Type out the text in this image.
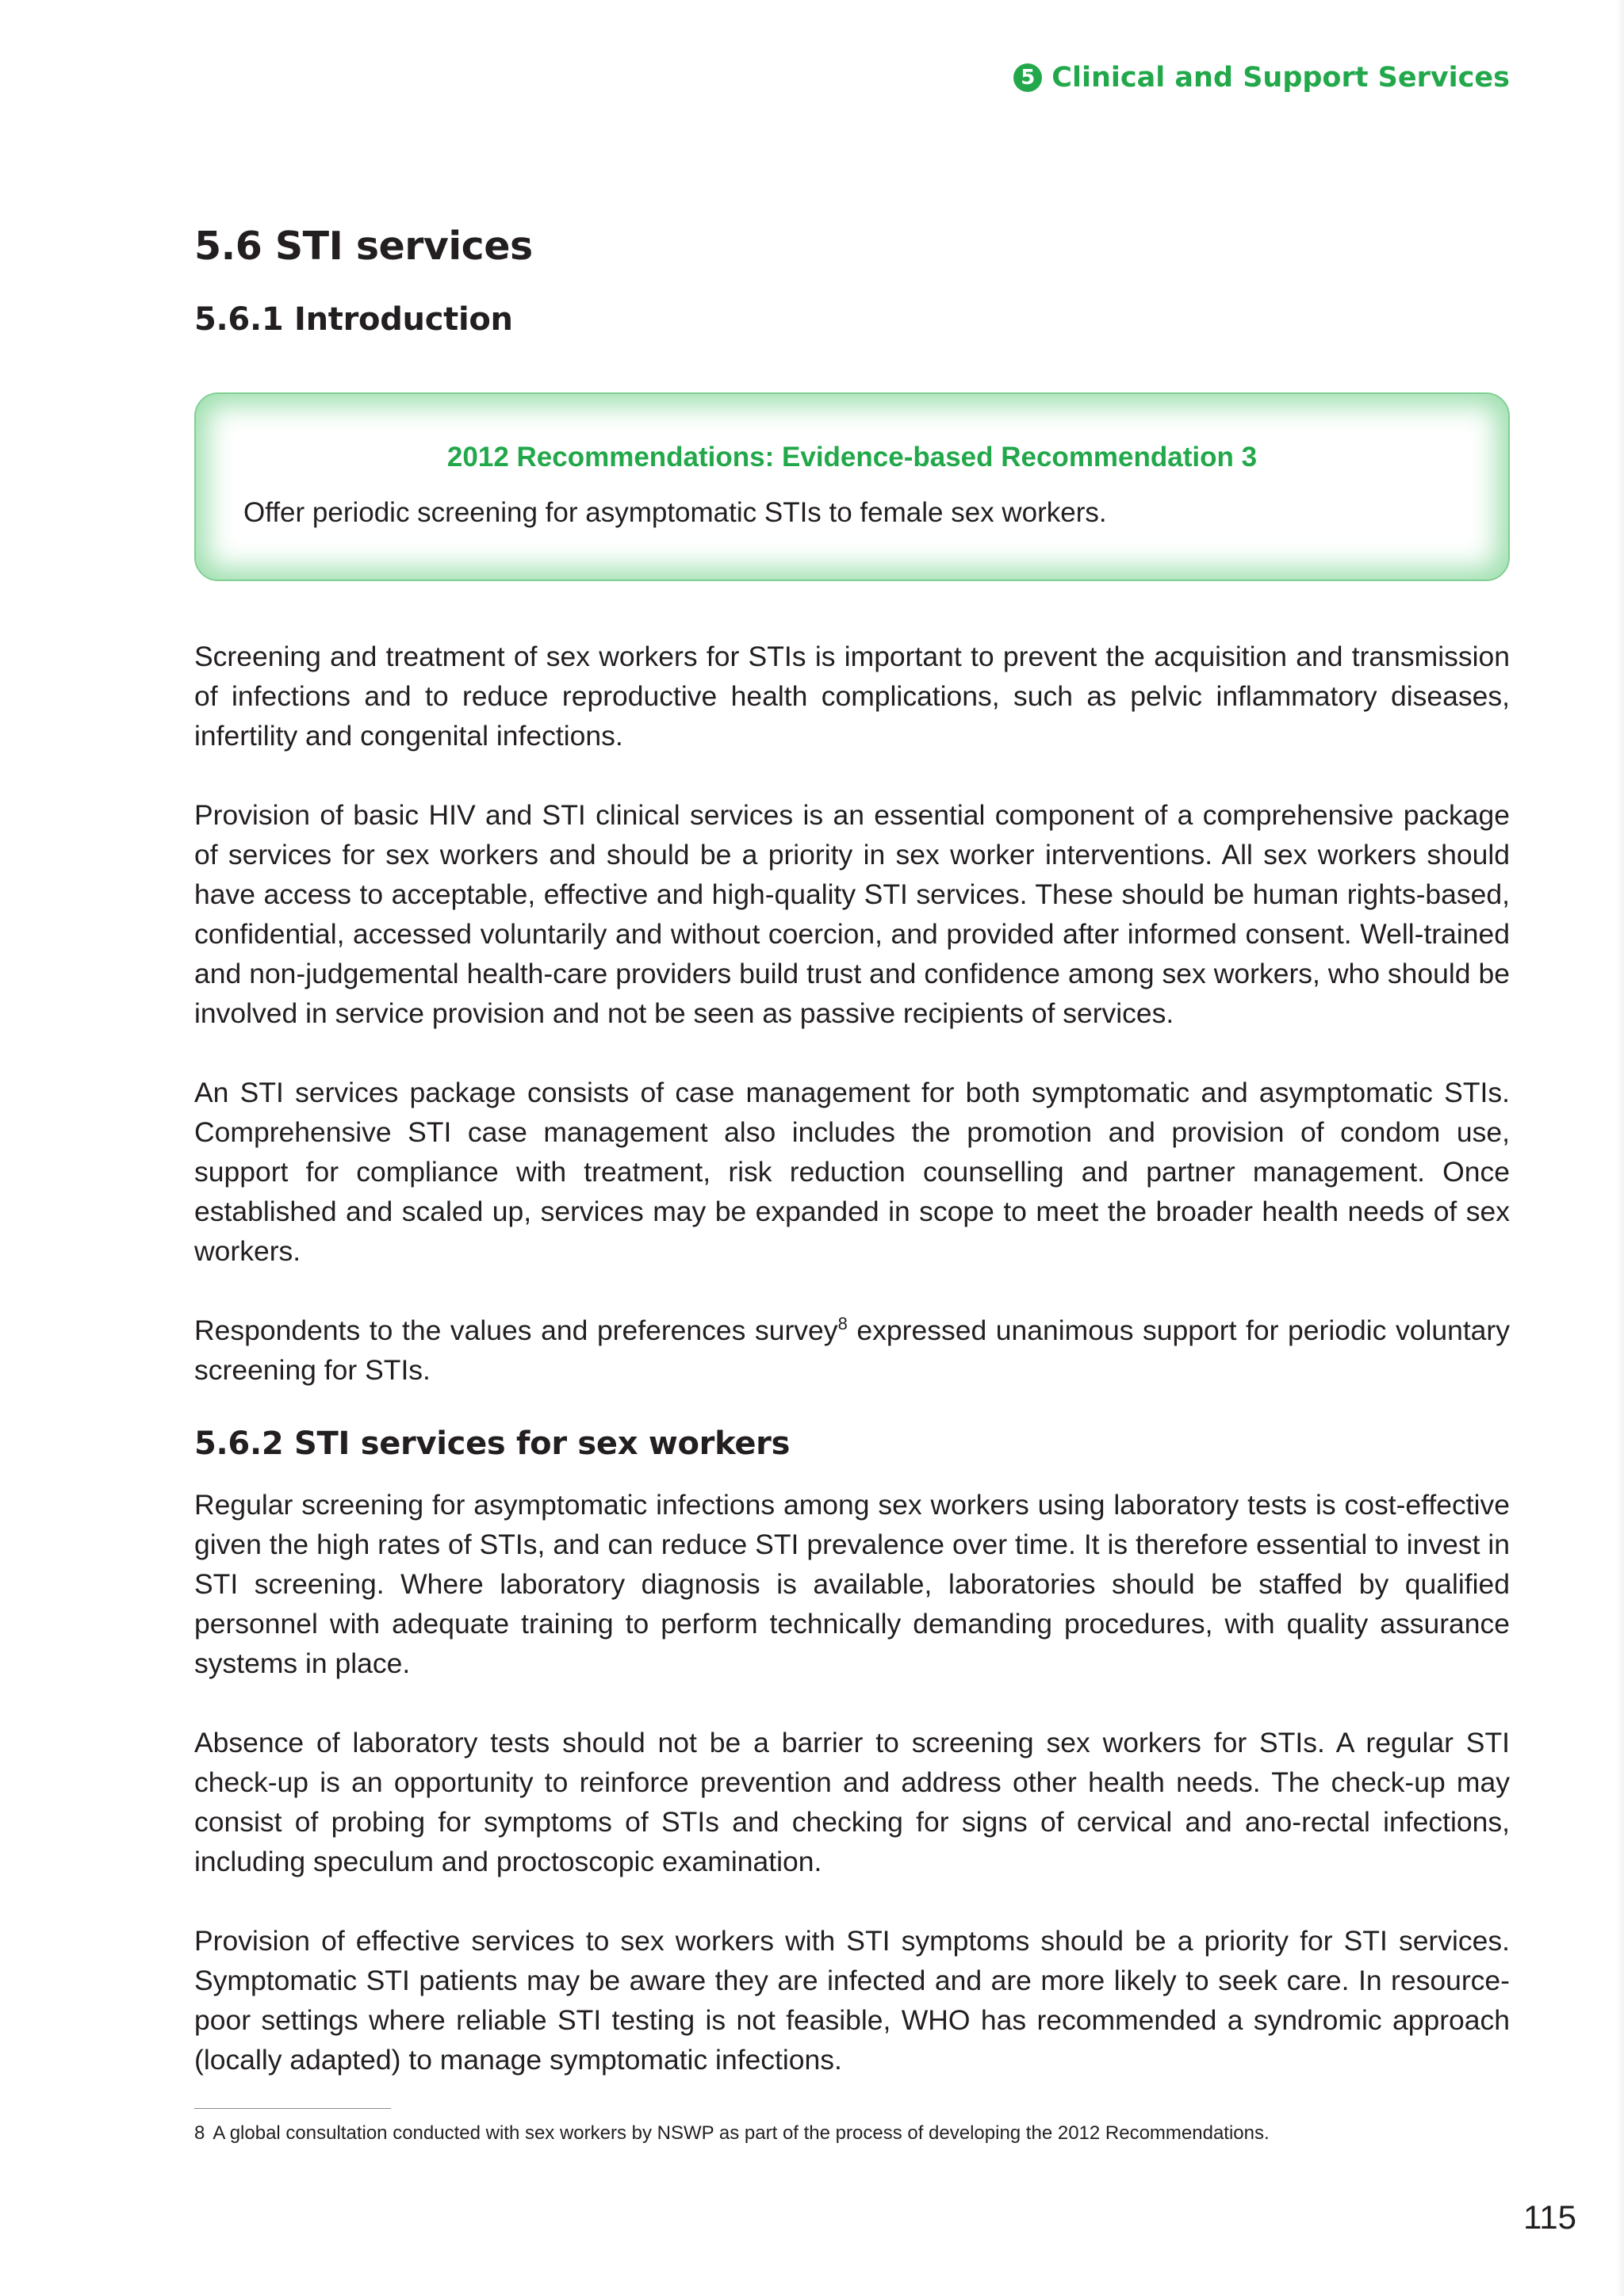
5 Clinical and Support Services
5.6 STI services
5.6.1 Introduction
2012 Recommendations: Evidence-based Recommendation 3
Offer periodic screening for asymptomatic STIs to female sex workers.

Screening and treatment of sex workers for STIs is important to prevent the acquisition and transmission of infections and to reduce reproductive health complications, such as pelvic inflammatory diseases, infertility and congenital infections.

Provision of basic HIV and STI clinical services is an essential component of a comprehensive package of services for sex workers and should be a priority in sex worker interventions. All sex workers should have access to acceptable, effective and high-quality STI services. These should be human rights-based, confidential, accessed voluntarily and without coercion, and provided after informed consent. Well-trained and non-judgemental health-care providers build trust and confidence among sex workers, who should be involved in service provision and not be seen as passive recipients of services.

An STI services package consists of case management for both symptomatic and asymptomatic STIs. Comprehensive STI case management also includes the promotion and provision of condom use, support for compliance with treatment, risk reduction counselling and partner management. Once established and scaled up, services may be expanded in scope to meet the broader health needs of sex workers.

Respondents to the values and preferences survey$^8$ expressed unanimous support for periodic voluntary screening for STIs.

5.6.2 STI services for sex workers

Regular screening for asymptomatic infections among sex workers using laboratory tests is cost-effective given the high rates of STIs, and can reduce STI prevalence over time. It is therefore essential to invest in STI screening. Where laboratory diagnosis is available, laboratories should be staffed by qualified personnel with adequate training to perform technically demanding procedures, with quality assurance systems in place.

Absence of laboratory tests should not be a barrier to screening sex workers for STIs. A regular STI check-up is an opportunity to reinforce prevention and address other health needs. The check-up may consist of probing for symptoms of STIs and checking for signs of cervical and ano-rectal infections, including speculum and proctoscopic examination.

Provision of effective services to sex workers with STI symptoms should be a priority for STI services. Symptomatic STI patients may be aware they are infected and are more likely to seek care. In resource-poor settings where reliable STI testing is not feasible, WHO has recommended a syndromic approach (locally adapted) to manage symptomatic infections.

8 A global consultation conducted with sex workers by NSWP as part of the process of developing the 2012 Recommendations.

115
